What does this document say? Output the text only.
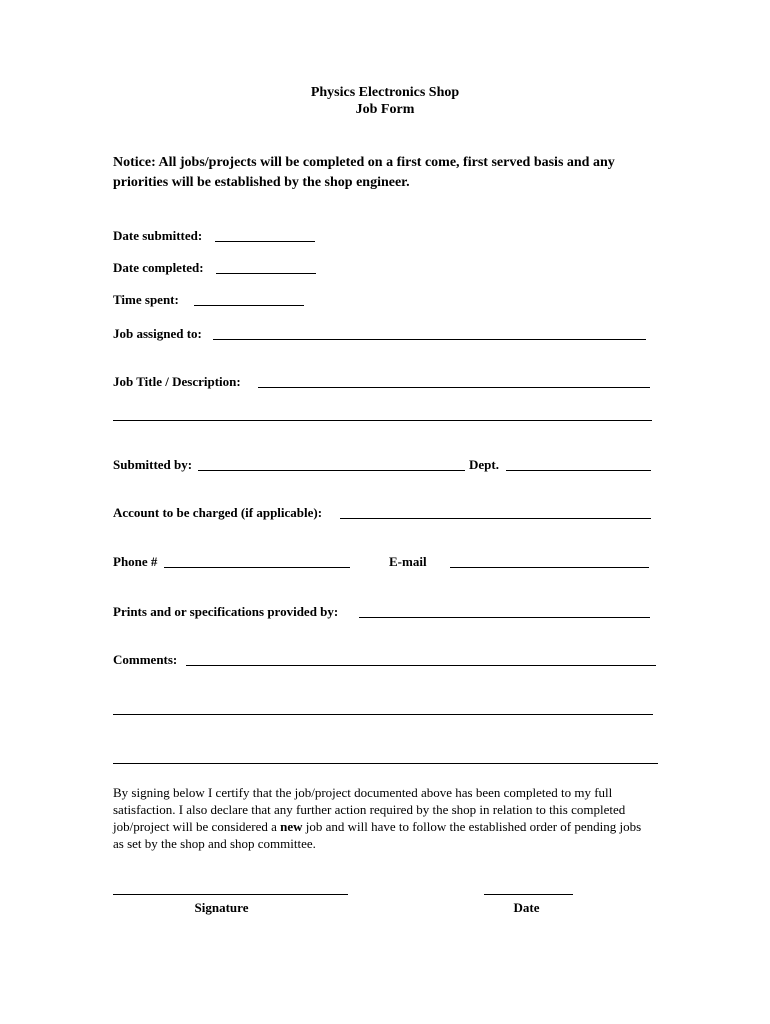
Physics Electronics Shop
Job Form
Notice: All jobs/projects will be completed on a first come, first served basis and any priorities will be established by the shop engineer.
Date submitted:
Date completed:
Time spent:
Job assigned to:
Job Title / Description:
Submitted by:	Dept.
Account to be charged (if applicable):
Phone #	E-mail
Prints and or specifications provided by:
Comments:
By signing below I certify that the job/project documented above has been completed to my full satisfaction. I also declare that any further action required by the shop in relation to this completed job/project will be considered a new job and will have to follow the established order of pending jobs as set by the shop and shop committee.
Signature	Date
